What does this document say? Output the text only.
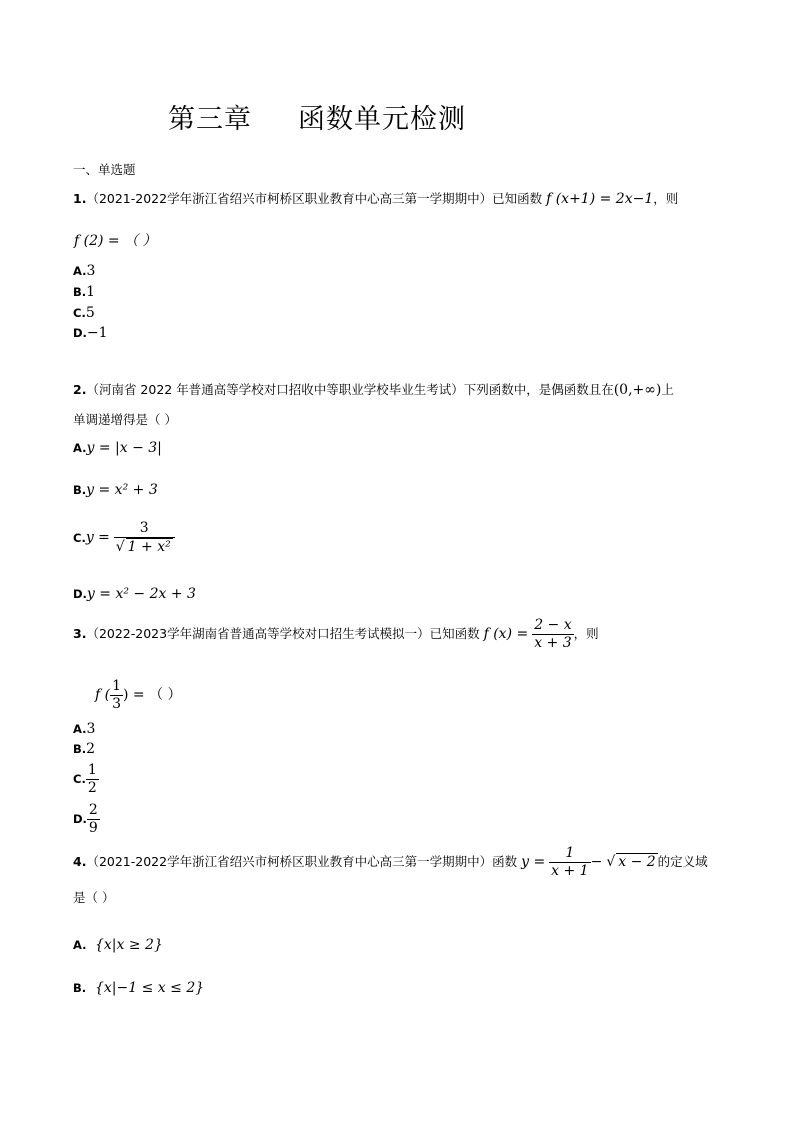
第三章 函数单元检测
一、单选题
1.（2021-2022学年浙江省绍兴市柯桥区职业教育中心高三第一学期期中）已知函数 f (x+1) = 2x−1，则
f (2) = （ ）
A.3
B.1
C.5
D.−1
2.（河南省 2022 年普通高等学校对口招收中等职业学校毕业生考试）下列函数中，是偶函数且在(0,+∞)上
单调递增得是（ ）
A.y = |x − 3|
B.y = x² + 3
$C.y = \frac{3}{\text{√ 1 + x²}}$
D.y = x² − 2x + 3
3.（2022-2023学年湖南省普通高等学校对口招生考试模拟一）已知函数 f $(x) = \frac{2 - x}{x + 3}$ ，则
f ( $\frac{1}{3}$ ) = （ ）
A.3
B.2
C. $\frac{1}{2}$
D. $\frac{2}{9}$
4.（2021-2022学年浙江省绍兴市柯桥区职业教育中心高三第一学期期中）函数 $y = \frac{1}{x + 1}$ − √ x − 2 的定义域
是（ ）
A. {x|x ≥ 2}
B. {x|−1 ≤ x ≤ 2}
